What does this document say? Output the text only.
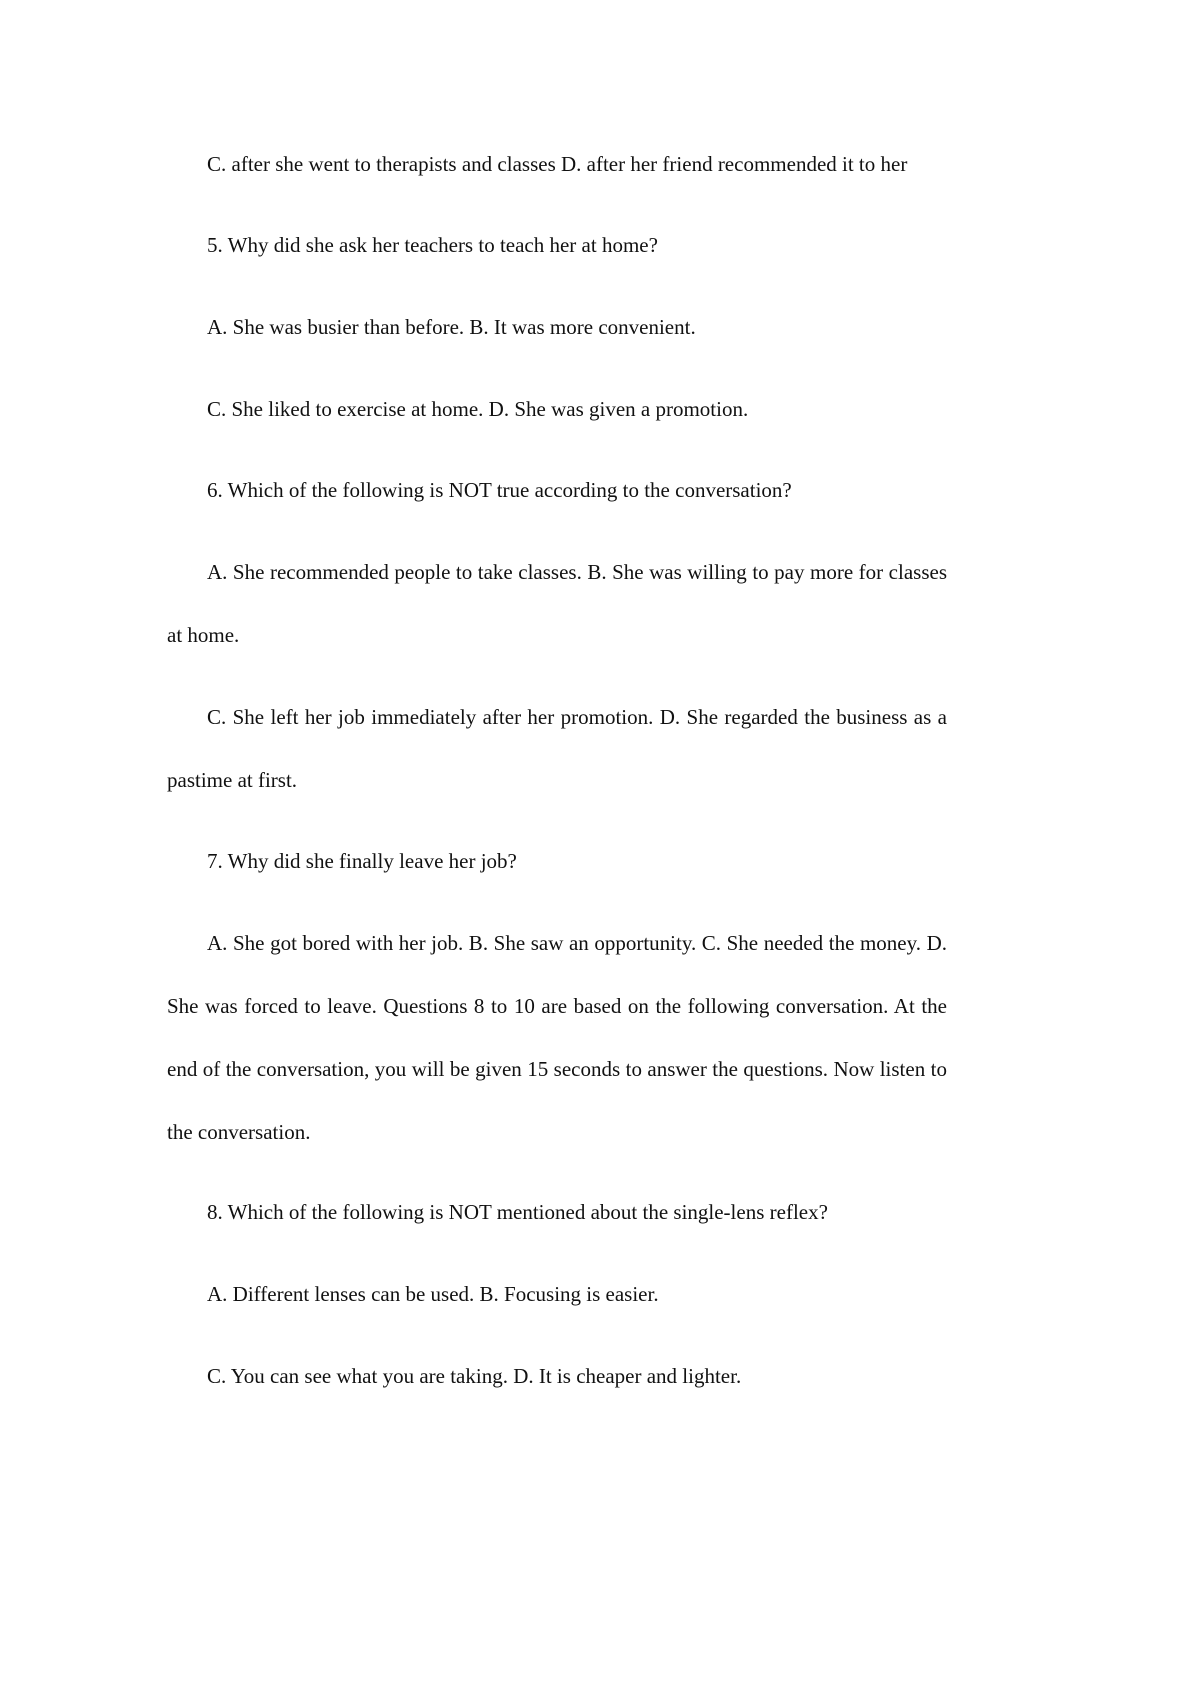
C. after she went to therapists and classes D. after her friend recommended it to her

5. Why did she ask her teachers to teach her at home?

A. She was busier than before. B. It was more convenient.

C. She liked to exercise at home. D. She was given a promotion.

6. Which of the following is NOT true according to the conversation?

A. She recommended people to take classes. B. She was willing to pay more for classes at home.

C. She left her job immediately after her promotion. D. She regarded the business as a pastime at first.

7. Why did she finally leave her job?

A. She got bored with her job. B. She saw an opportunity. C. She needed the money. D. She was forced to leave. Questions 8 to 10 are based on the following conversation. At the end of the conversation, you will be given 15 seconds to answer the questions. Now listen to the conversation.

8. Which of the following is NOT mentioned about the single-lens reflex?

A. Different lenses can be used. B. Focusing is easier.

C. You can see what you are taking. D. It is cheaper and lighter.
